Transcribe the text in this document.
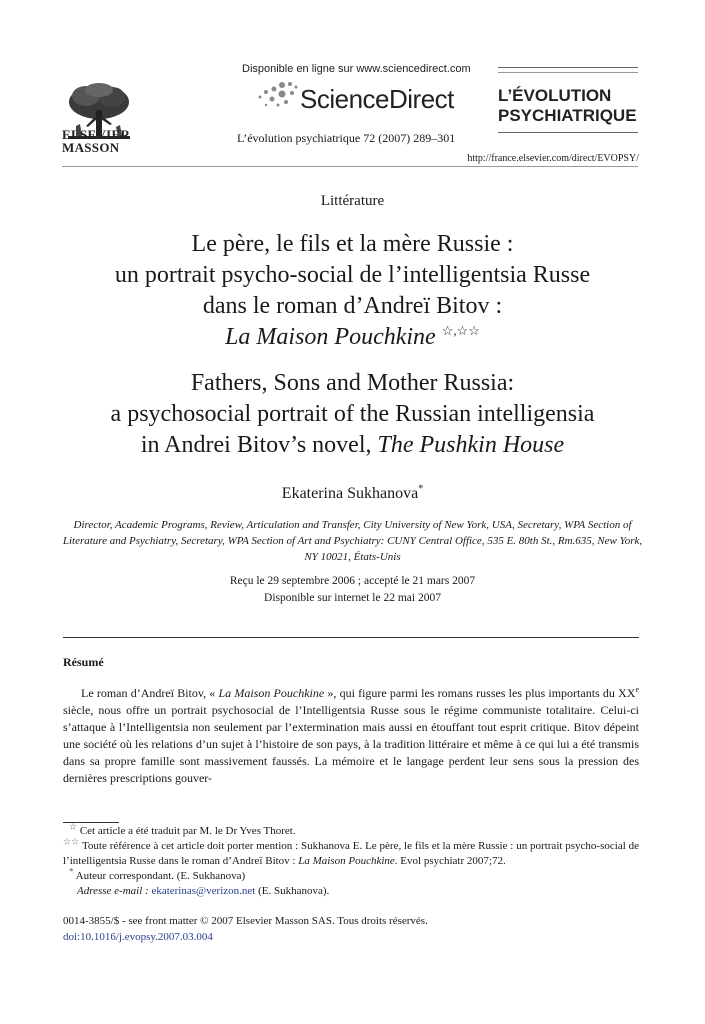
ELSEVIER
MASSON
Disponible en ligne sur www.sciencedirect.com
ScienceDirect
L’évolution psychiatrique 72 (2007) 289–301
L’ÉVOLUTION
PSYCHIATRIQUE
http://france.elsevier.com/direct/EVOPSY/
Littérature
Le père, le fils et la mère Russie :
un portrait psycho-social de l’intelligentsia Russe
dans le roman d’Andreï Bitov :
La Maison Pouchkine ☆,☆☆
Fathers, Sons and Mother Russia:
a psychosocial portrait of the Russian intelligensia
in Andrei Bitov’s novel, The Pushkin House
Ekaterina Sukhanova*
Director, Academic Programs, Review, Articulation and Transfer, City University of New York, USA, Secretary, WPA Section of Literature and Psychiatry, Secretary, WPA Section of Art and Psychiatry: CUNY Central Office, 535 E. 80th St., Rm.635, New York, NY 10021, États-Unis
Reçu le 29 septembre 2006 ; accepté le 21 mars 2007
Disponible sur internet le 22 mai 2007
Résumé
Le roman d’Andreï Bitov, « La Maison Pouchkine », qui figure parmi les romans russes les plus importants du XXe siècle, nous offre un portrait psychosocial de l’Intelligentsia Russe sous le régime communiste totalitaire. Celui-ci s’attaque à l’Intelligentsia non seulement par l’extermination mais aussi en étouffant tout esprit critique. Bitov dépeint une société où les relations d’un sujet à l’histoire de son pays, à la tradition littéraire et même à ce qui lui a été transmis dans sa propre famille sont massivement faussés. La mémoire et le langage perdent leur sens sous la pression des dernières prescriptions gouver-

☆ Cet article a été traduit par M. le Dr Yves Thoret.

☆☆ Toute référence à cet article doit porter mention : Sukhanova E. Le père, le fils et la mère Russie : un portrait psycho-social de l’intelligentsia Russe dans le roman d’Andreï Bitov : La Maison Pouchkine. Evol psychiatr 2007;72.

* Auteur correspondant. (E. Sukhanova)

Adresse e-mail : ekaterinas@verizon.net (E. Sukhanova).

0014-3855/$ - see front matter © 2007 Elsevier Masson SAS. Tous droits réservés.
doi:10.1016/j.evopsy.2007.03.004
